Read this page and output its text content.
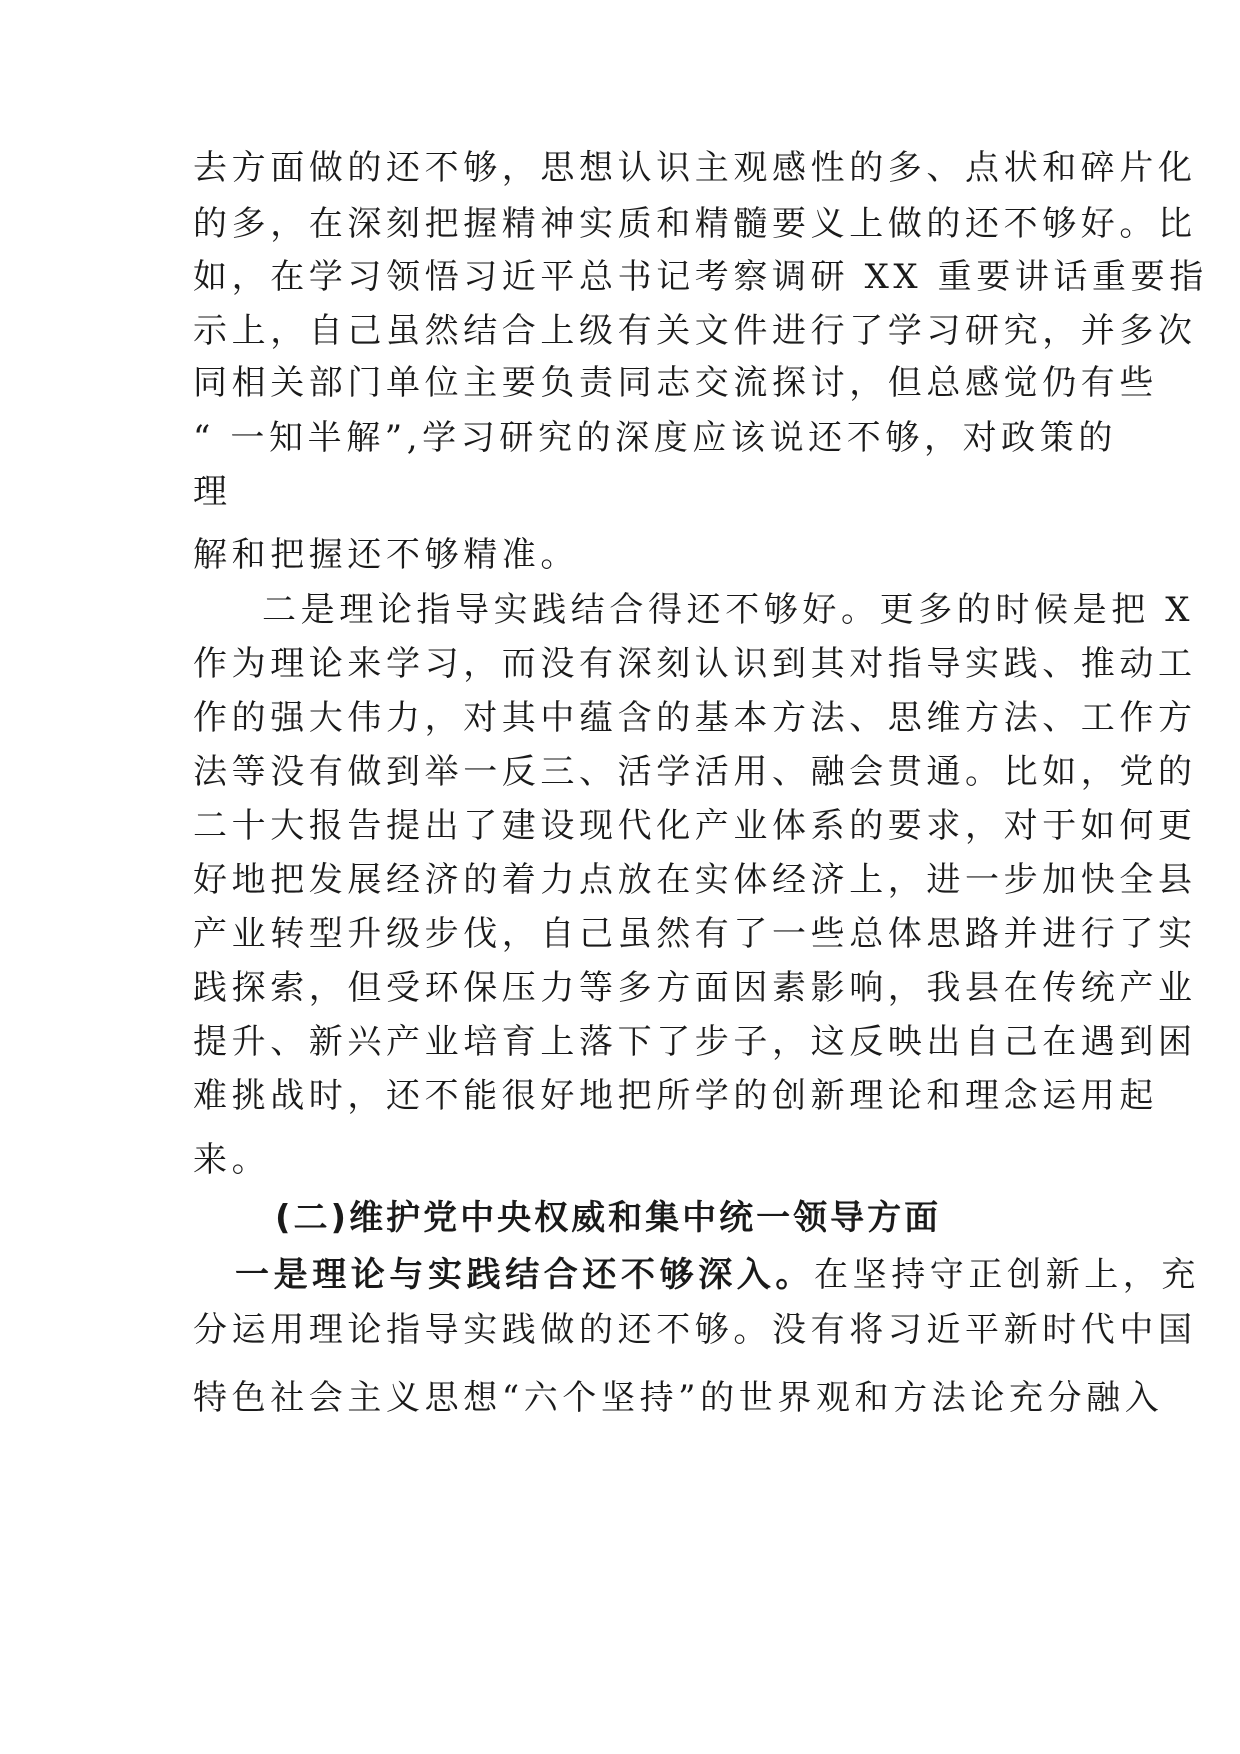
去方面做的还不够，思想认识主观感性的多、点状和碎片化
的多，在深刻把握精神实质和精髓要义上做的还不够好。比
如，在学习领悟习近平总书记考察调研 XX 重要讲话重要指
示上，自己虽然结合上级有关文件进行了学习研究，并多次
同相关部门单位主要负责同志交流探讨，但总感觉仍有些
“ 一知半解”,学习研究的深度应该说还不够，对政策的
理
解和把握还不够精准。
二是理论指导实践结合得还不够好。更多的时候是把 X
作为理论来学习，而没有深刻认识到其对指导实践、推动工
作的强大伟力，对其中蕴含的基本方法、思维方法、工作方
法等没有做到举一反三、活学活用、融会贯通。比如，党的
二十大报告提出了建设现代化产业体系的要求，对于如何更
好地把发展经济的着力点放在实体经济上，进一步加快全县
产业转型升级步伐，自己虽然有了一些总体思路并进行了实
践探索，但受环保压力等多方面因素影响，我县在传统产业
提升、新兴产业培育上落下了步子，这反映出自己在遇到困
难挑战时，还不能很好地把所学的创新理论和理念运用起
来。
(二)维护党中央权威和集中统一领导方面
一是理论与实践结合还不够深入。在坚持守正创新上，充
分运用理论指导实践做的还不够。没有将习近平新时代中国
特色社会主义思想“六个坚持”的世界观和方法论充分融入
